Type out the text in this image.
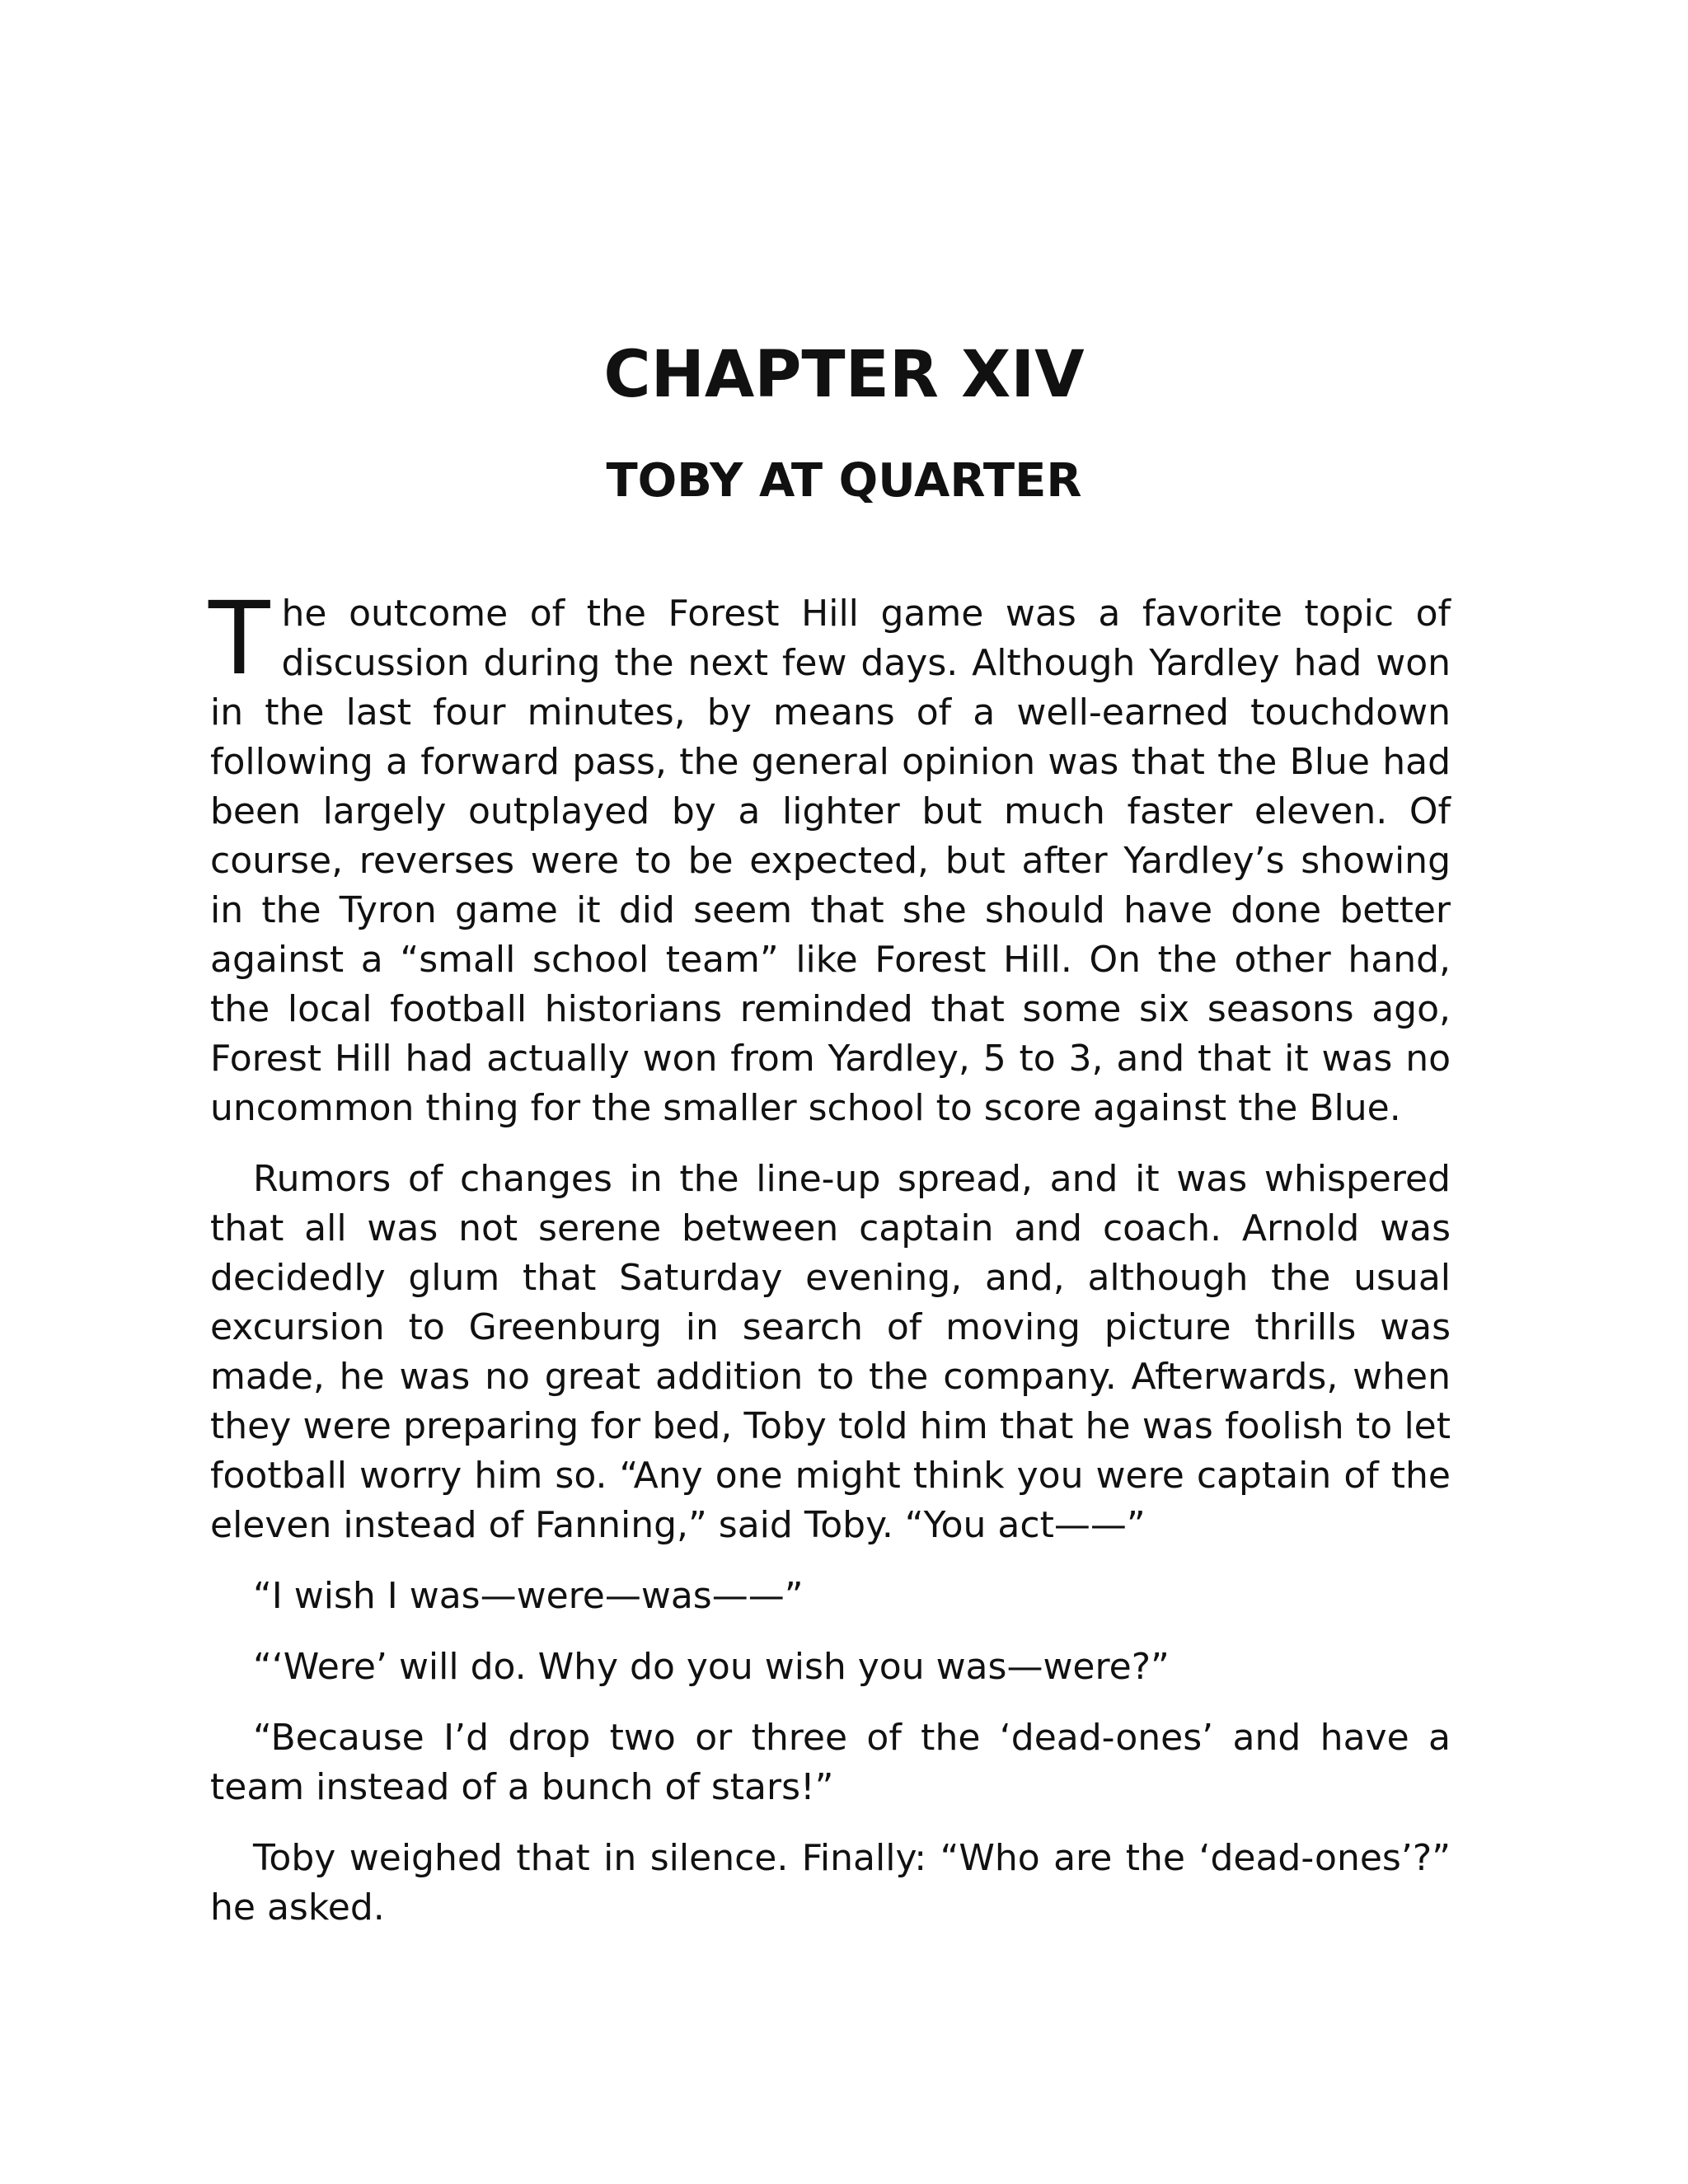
CHAPTER XIV
TOBY AT QUARTER

The outcome of the Forest Hill game was a favorite topic of discussion during the next few days. Although Yardley had won in the last four minutes, by means of a well-earned touchdown following a forward pass, the general opinion was that the Blue had been largely outplayed by a lighter but much faster eleven. Of course, reverses were to be expected, but after Yardley’s showing in the Tyron game it did seem that she should have done better against a “small school team” like Forest Hill. On the other hand, the local football historians reminded that some six seasons ago, Forest Hill had actually won from Yardley, 5 to 3, and that it was no uncommon thing for the smaller school to score against the Blue.

Rumors of changes in the line-up spread, and it was whispered that all was not serene between captain and coach. Arnold was decidedly glum that Saturday evening, and, although the usual excursion to Greenburg in search of moving picture thrills was made, he was no great addition to the company. Afterwards, when they were preparing for bed, Toby told him that he was foolish to let football worry him so. “Any one might think you were captain of the eleven instead of Fanning,” said Toby. “You act——”

“I wish I was—were—was——”

“‘Were’ will do. Why do you wish you was—were?”

“Because I’d drop two or three of the ‘dead-ones’ and have a team instead of a bunch of stars!”

Toby weighed that in silence. Finally: “Who are the ‘dead-ones’?” he asked.
